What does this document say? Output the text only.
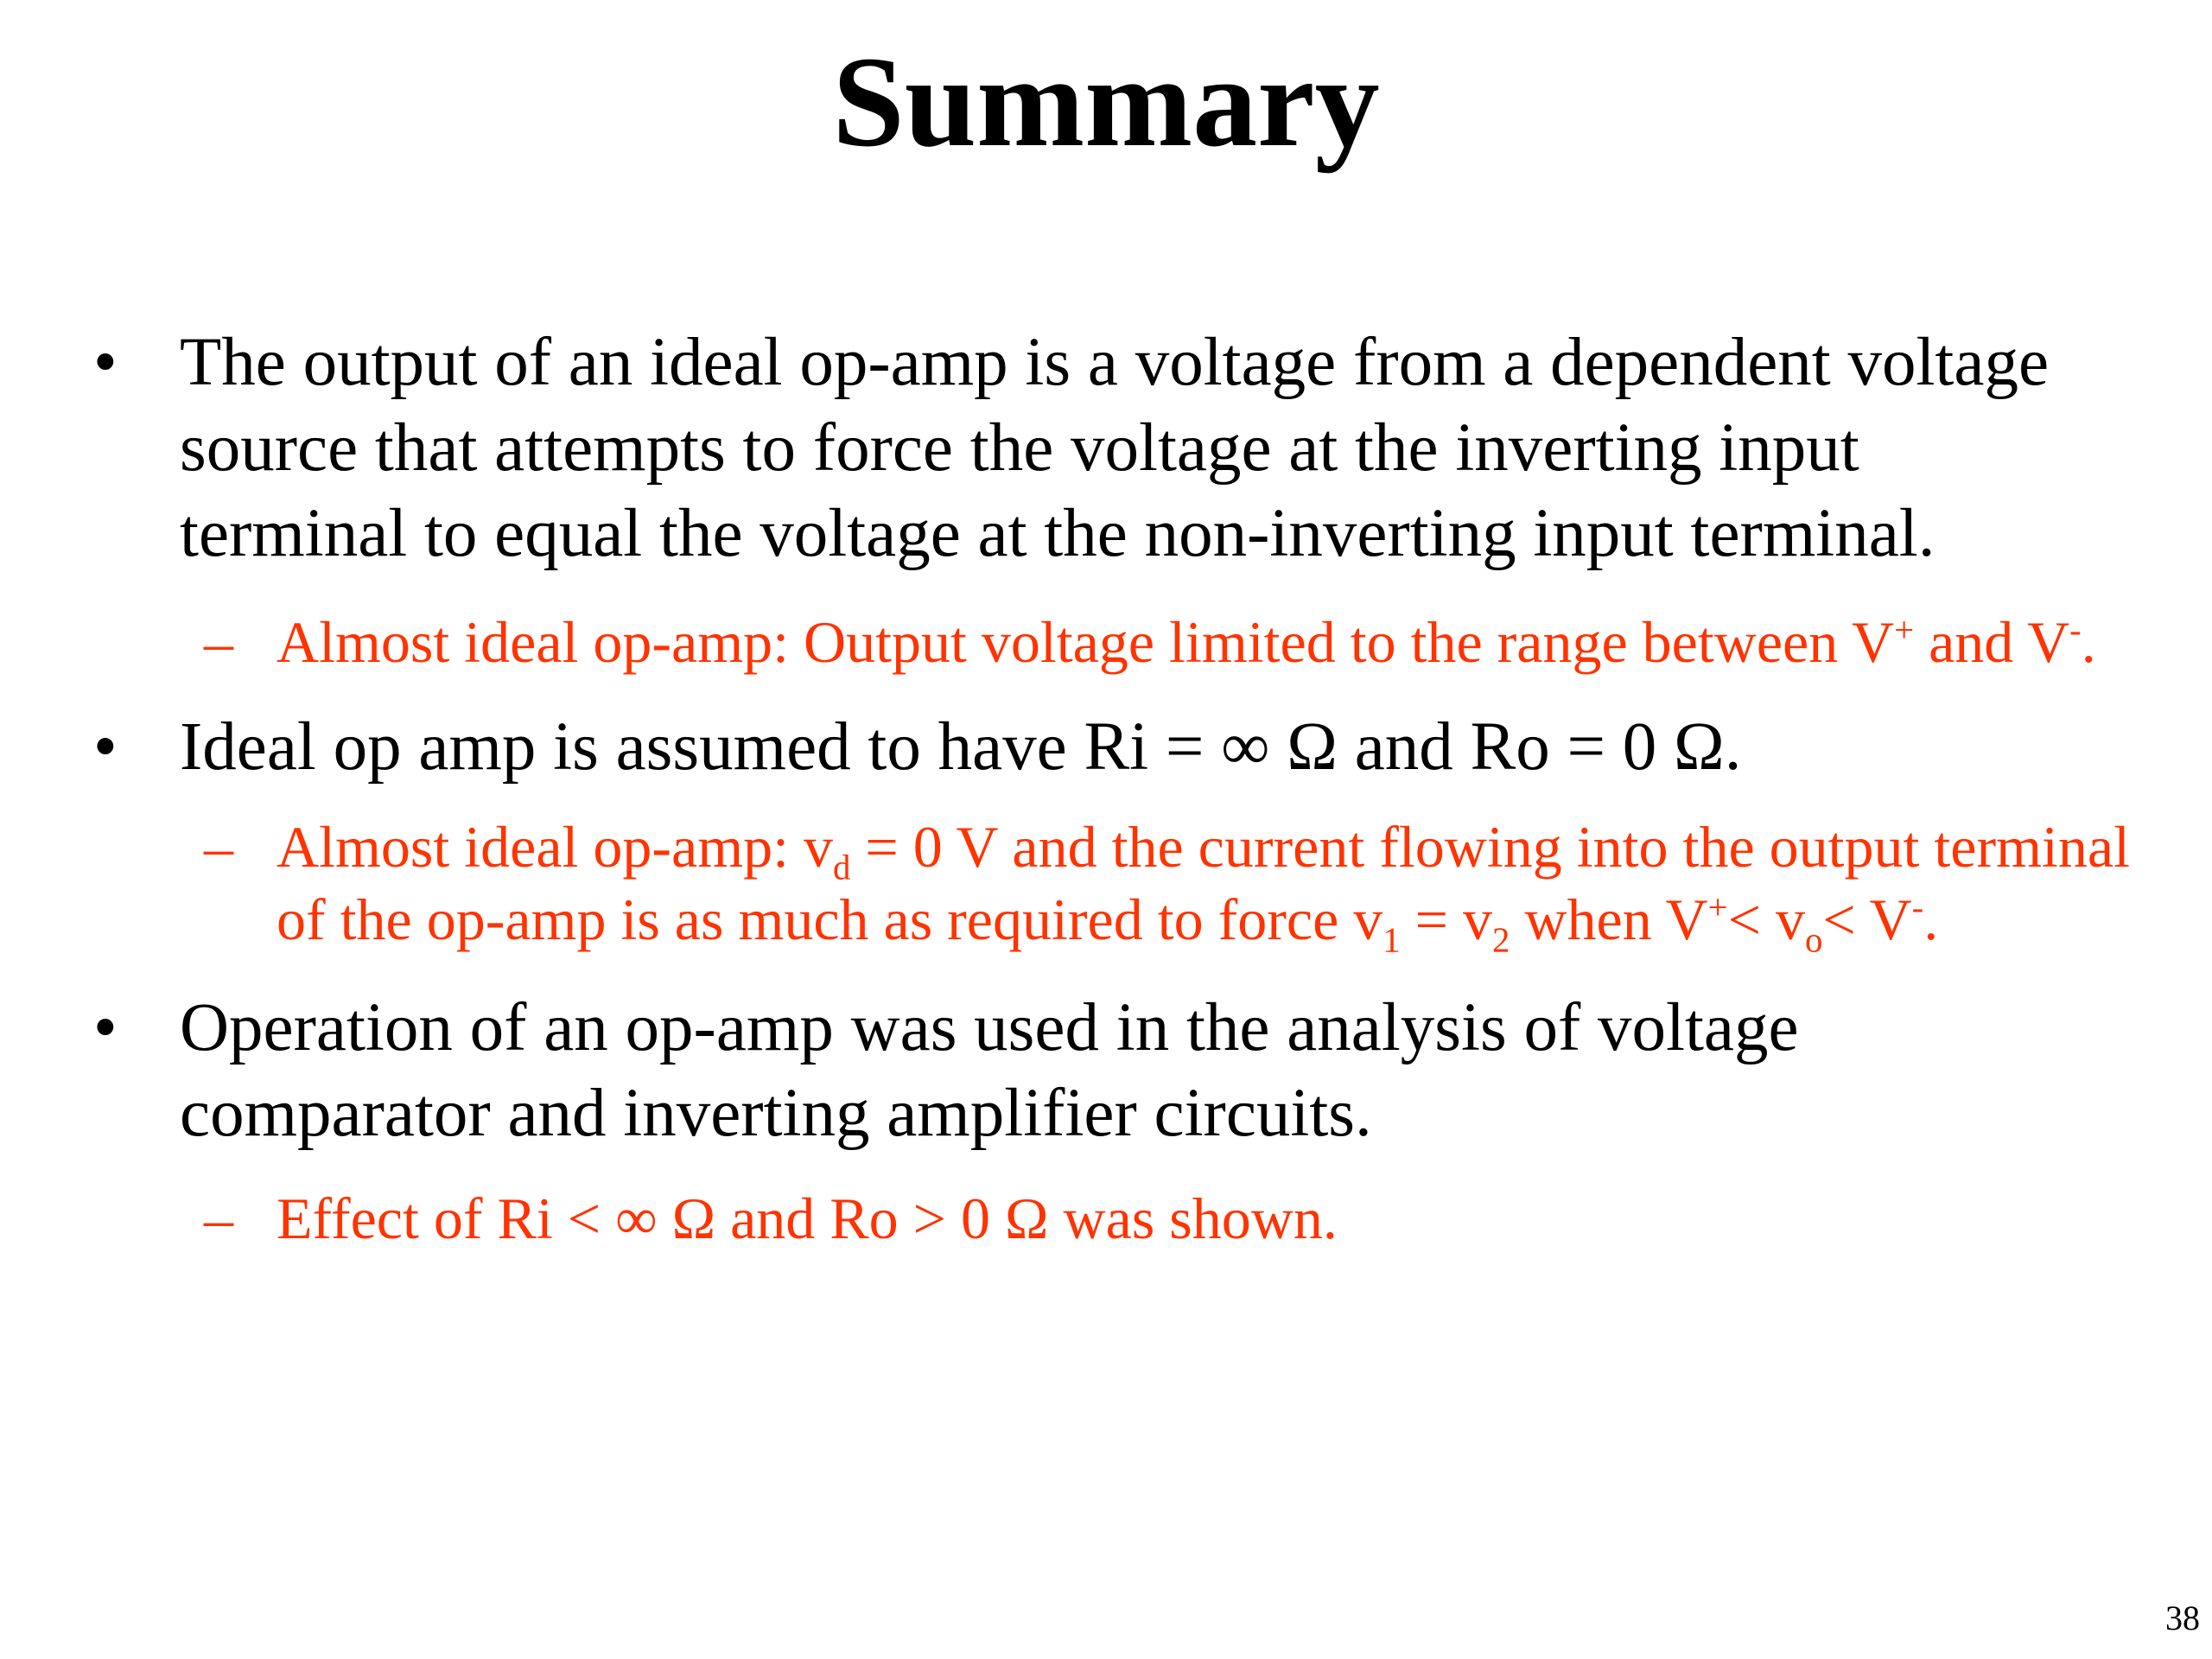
Summary
• The output of an ideal op-amp is a voltage from a dependent voltage source that attempts to force the voltage at the inverting input terminal to equal the voltage at the non-inverting input terminal.
– Almost ideal op-amp: Output voltage limited to the range between V+ and V-.
• Ideal op amp is assumed to have Ri = ∞ Ω and Ro = 0 Ω.
– Almost ideal op-amp: $v_d = 0$ V and the current flowing into the output terminal of the op-amp is as much as required to force $v_1 = v_2$ when $V^+< v_o< V^-$.
• Operation of an op-amp was used in the analysis of voltage comparator and inverting amplifier circuits.
– Effect of Ri < ∞ Ω and Ro > 0 Ω was shown.
38
